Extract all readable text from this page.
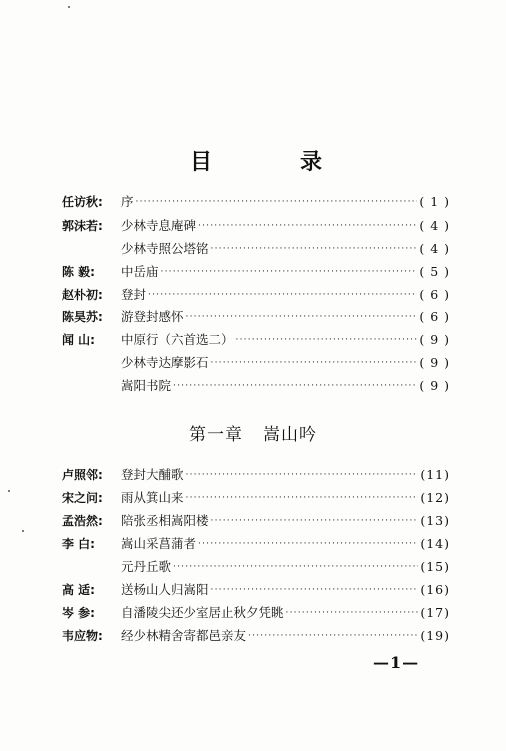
目	录
任访秋:	序 ·····	( 1 )
郭沫若:	少林寺息庵碑 ·····	( 4 )
少林寺照公塔铭 ·····	( 4 )
陈 毅:	中岳庙 ·····	( 5 )
赵朴初:	登封 ·····	( 6 )
陈昊苏:	游登封感怀 ·····	( 6 )
闻 山:	中原行（六首选二） ·····	( 9 )
少林寺达摩影石 ·····	( 9 )
嵩阳书院 ·····	( 9 )
第一章 嵩山吟
卢照邻:	登封大酺歌 ·····	(11)
宋之问:	雨从箕山来 ·····	(12)
孟浩然:	陪张丞相嵩阳楼 ·····	(13)
李 白:	嵩山采菖蒲者 ·····	(14)
元丹丘歌 ·····	(15)
高 适:	送杨山人归嵩阳 ·····	(16)
岑 参:	自潘陵尖还少室居止秋夕凭眺 ·····	(17)
韦应物:	经少林精舍寄都邑亲友 ·····	(19)
—1—
